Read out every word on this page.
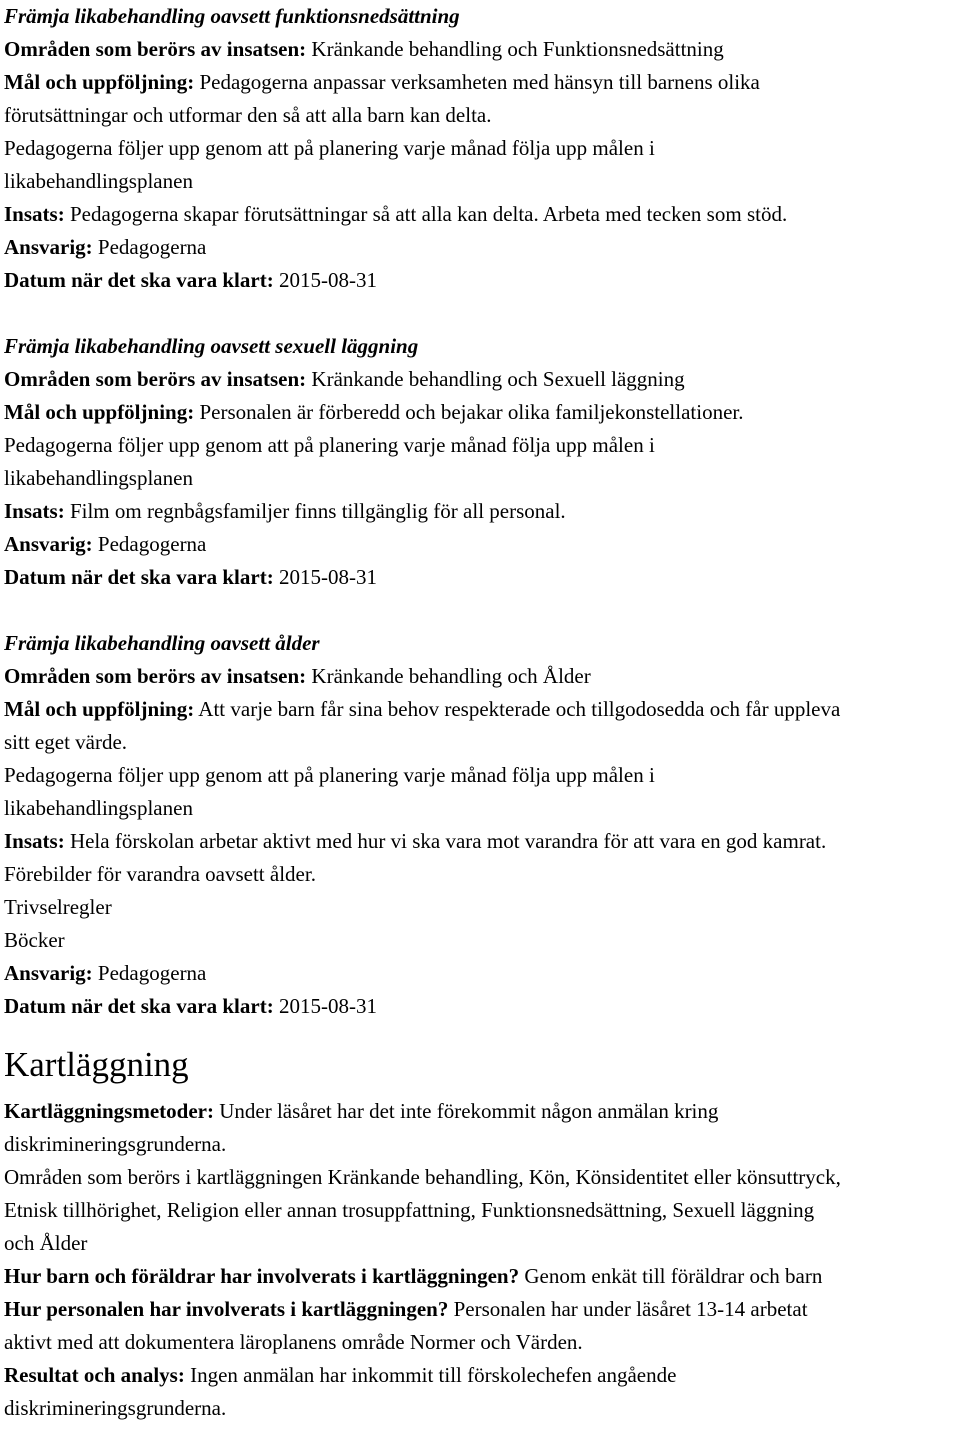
Främja likabehandling oavsett funktionsnedsättning
Områden som berörs av insatsen: Kränkande behandling och Funktionsnedsättning
Mål och uppföljning: Pedagogerna anpassar verksamheten med hänsyn till barnens olika
förutsättningar och utformar den så att alla barn kan delta.
Pedagogerna följer upp genom att på planering varje månad följa upp målen i
likabehandlingsplanen
Insats: Pedagogerna skapar förutsättningar så att alla kan delta. Arbeta med tecken som stöd.
Ansvarig: Pedagogerna
Datum när det ska vara klart: 2015-08-31
Främja likabehandling oavsett sexuell läggning
Områden som berörs av insatsen: Kränkande behandling och Sexuell läggning
Mål och uppföljning: Personalen är förberedd och bejakar olika familjekonstellationer.
Pedagogerna följer upp genom att på planering varje månad följa upp målen i
likabehandlingsplanen
Insats: Film om regnbågsfamiljer finns tillgänglig för all personal.
Ansvarig: Pedagogerna
Datum när det ska vara klart: 2015-08-31
Främja likabehandling oavsett ålder
Områden som berörs av insatsen: Kränkande behandling och Ålder
Mål och uppföljning: Att varje barn får sina behov respekterade och tillgodosedda och får uppleva
sitt eget värde.
Pedagogerna följer upp genom att på planering varje månad följa upp målen i
likabehandlingsplanen
Insats: Hela förskolan arbetar aktivt med hur vi ska vara mot varandra för att vara en god kamrat.
Förebilder för varandra oavsett ålder.
Trivselregler
Böcker
Ansvarig: Pedagogerna
Datum när det ska vara klart: 2015-08-31
Kartläggning
Kartläggningsmetoder: Under läsåret har det inte förekommit någon anmälan kring
diskrimineringsgrunderna.
Områden som berörs i kartläggningen Kränkande behandling, Kön, Könsidentitet eller könsuttryck,
Etnisk tillhörighet, Religion eller annan trosuppfattning, Funktionsnedsättning, Sexuell läggning
och Ålder
Hur barn och föräldrar har involverats i kartläggningen? Genom enkät till föräldrar och barn
Hur personalen har involverats i kartläggningen? Personalen har under läsåret 13-14 arbetat
aktivt med att dokumentera läroplanens område Normer och Värden.
Resultat och analys: Ingen anmälan har inkommit till förskolechefen angående
diskrimineringsgrunderna.
